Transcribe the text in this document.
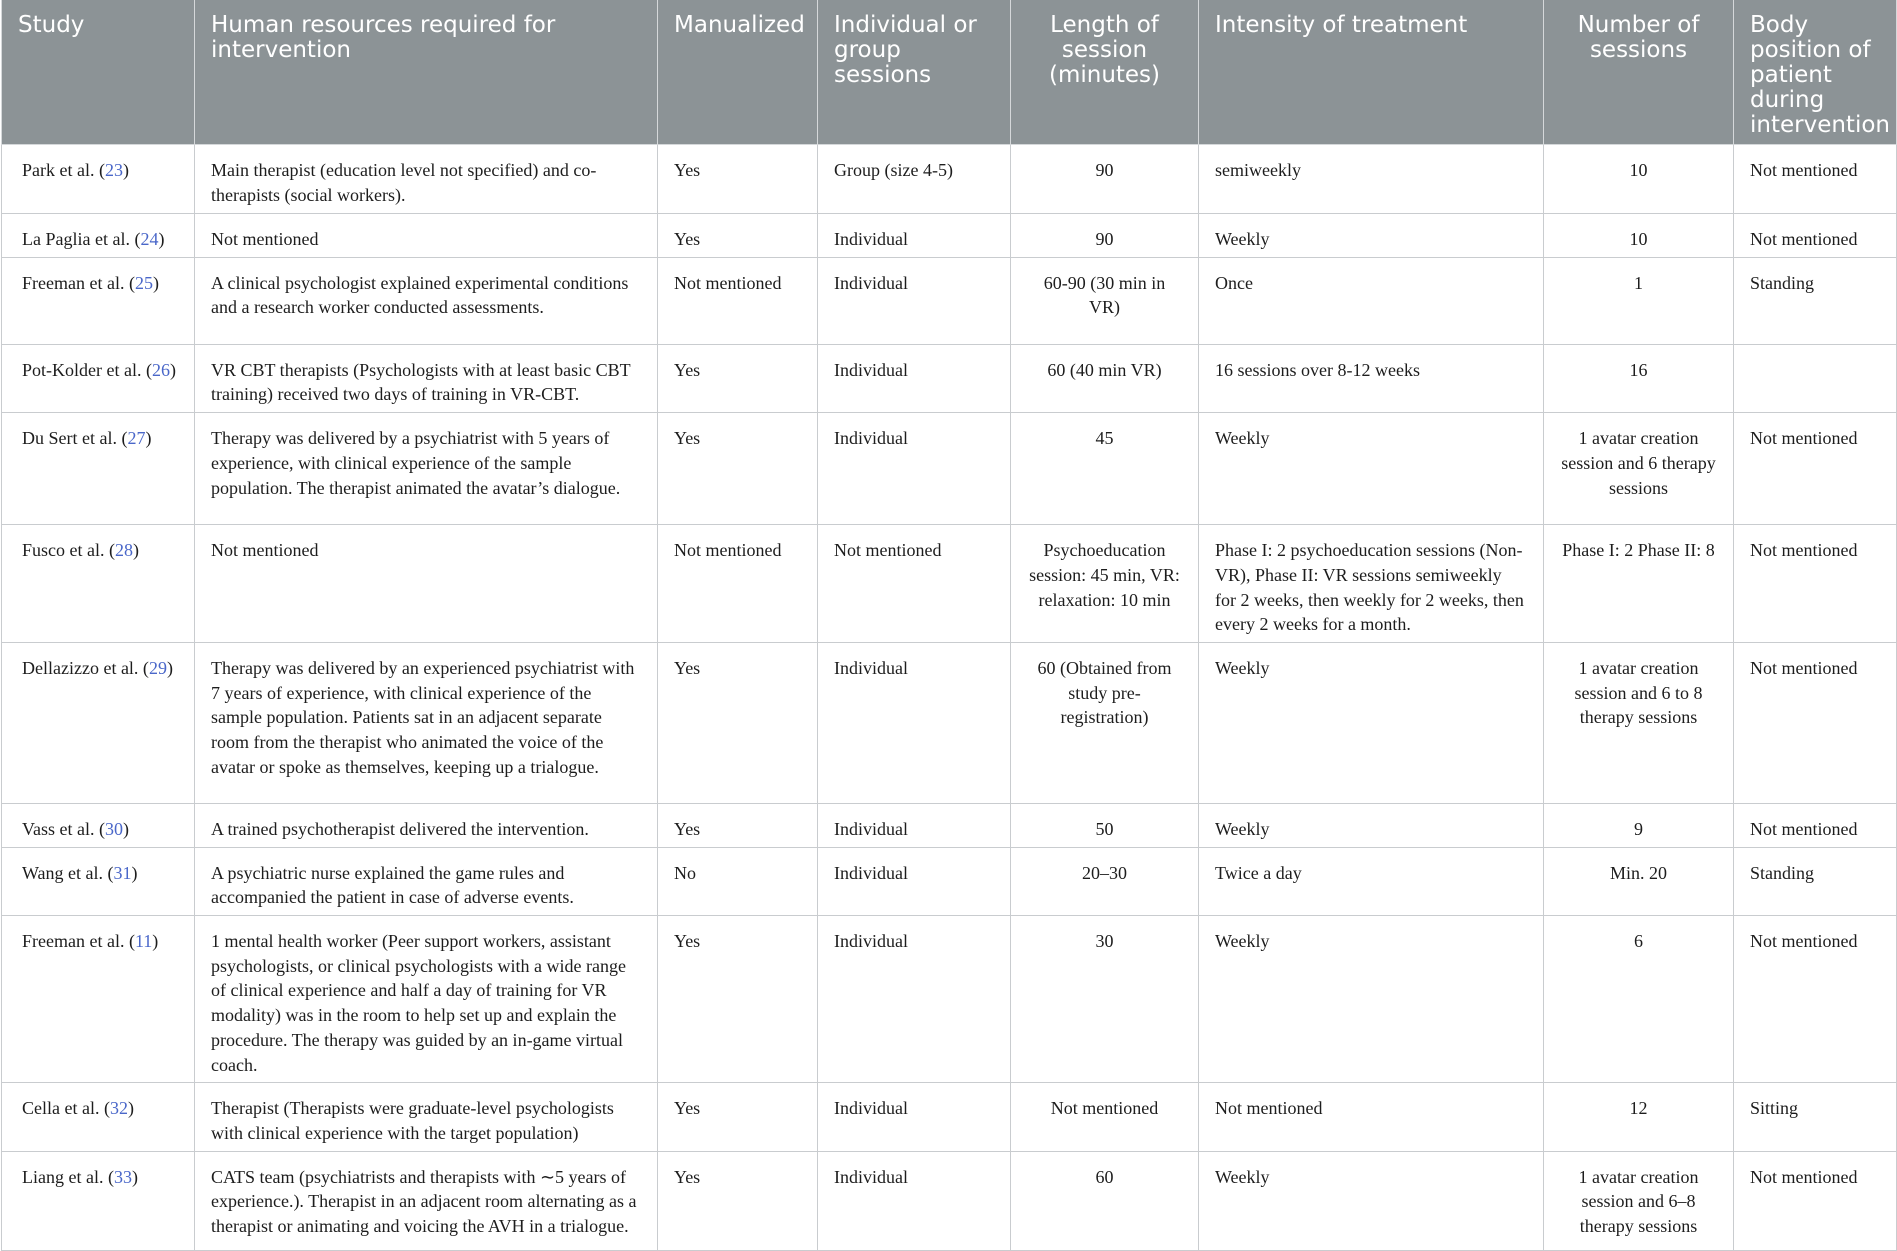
Study	Human resources required for intervention	Manualized	Individual or group sessions	Length of session (minutes)	Intensity of treatment	Number of sessions	Body position of patient during intervention
Park et al. (23)	Main therapist (education level not specified) and co-therapists (social workers).	Yes	Group (size 4-5)	90	semiweekly	10	Not mentioned
La Paglia et al. (24)	Not mentioned	Yes	Individual	90	Weekly	10	Not mentioned
Freeman et al. (25)	A clinical psychologist explained experimental conditions and a research worker conducted assessments.	Not mentioned	Individual	60-90 (30 min in VR)	Once	1	Standing
Pot-Kolder et al. (26)	VR CBT therapists (Psychologists with at least basic CBT training) received two days of training in VR-CBT.	Yes	Individual	60 (40 min VR)	16 sessions over 8-12 weeks	16	
Du Sert et al. (27)	Therapy was delivered by a psychiatrist with 5 years of experience, with clinical experience of the sample population. The therapist animated the avatar’s dialogue.	Yes	Individual	45	Weekly	1 avatar creation session and 6 therapy sessions	Not mentioned
Fusco et al. (28)	Not mentioned	Not mentioned	Not mentioned	Psychoeducation session: 45 min, VR: relaxation: 10 min	Phase I: 2 psychoeducation sessions (Non-VR), Phase II: VR sessions semiweekly for 2 weeks, then weekly for 2 weeks, then every 2 weeks for a month.	Phase I: 2 Phase II: 8	Not mentioned
Dellazizzo et al. (29)	Therapy was delivered by an experienced psychiatrist with 7 years of experience, with clinical experience of the sample population. Patients sat in an adjacent separate room from the therapist who animated the voice of the avatar or spoke as themselves, keeping up a trialogue.	Yes	Individual	60 (Obtained from study pre-registration)	Weekly	1 avatar creation session and 6 to 8 therapy sessions	Not mentioned
Vass et al. (30)	A trained psychotherapist delivered the intervention.	Yes	Individual	50	Weekly	9	Not mentioned
Wang et al. (31)	A psychiatric nurse explained the game rules and accompanied the patient in case of adverse events.	No	Individual	20–30	Twice a day	Min. 20	Standing
Freeman et al. (11)	1 mental health worker (Peer support workers, assistant psychologists, or clinical psychologists with a wide range of clinical experience and half a day of training for VR modality) was in the room to help set up and explain the procedure. The therapy was guided by an in-game virtual coach.	Yes	Individual	30	Weekly	6	Not mentioned
Cella et al. (32)	Therapist (Therapists were graduate-level psychologists with clinical experience with the target population)	Yes	Individual	Not mentioned	Not mentioned	12	Sitting
Liang et al. (33)	CATS team (psychiatrists and therapists with ∼5 years of experience.). Therapist in an adjacent room alternating as a therapist or animating and voicing the AVH in a trialogue.	Yes	Individual	60	Weekly	1 avatar creation session and 6–8 therapy sessions	Not mentioned
